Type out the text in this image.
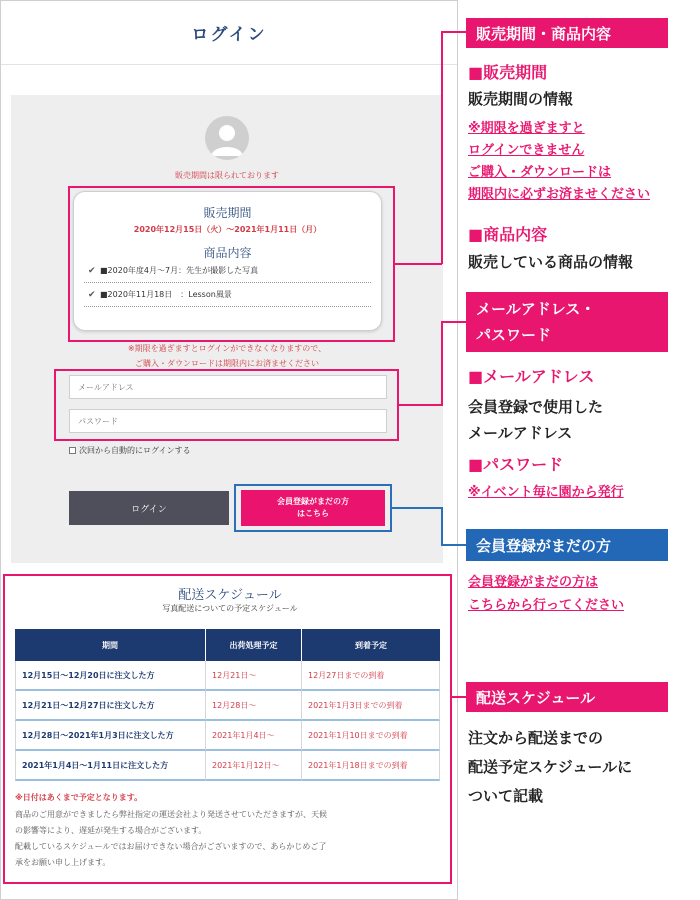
ログイン
販売期間は限られております
販売期間
2020年12月15日（火）〜2021年1月11日（月）
商品内容
✔ ■2020年度4月〜7月：先生が撮影した写真
✔ ■2020年11月18日　：Lesson風景
※期限を過ぎますとログインができなくなりますので、
ご購入・ダウンロードは期限内にお済ませください
メールアドレス
次回から自動的にログインする
ログイン
会員登録がまだの方
はこちら
配送スケジュール
写真配送についての予定スケジュール
期間	出荷処理予定	到着予定
12月15日〜12月20日に注文した方	12月21日〜	12月27日までの到着
12月21日〜12月27日に注文した方	12月28日〜	2021年1月3日までの到着
12月28日〜2021年1月3日に注文した方	2021年1月4日〜	2021年1月10日までの到着
2021年1月4日〜1月11日に注文した方	2021年1月12日〜	2021年1月18日までの到着
※日付はあくまで予定となります。
商品のご用意ができましたら弊社指定の運送会社より発送させていただきますが、天候
の影響等により、遅延が発生する場合がございます。
配載しているスケジュールではお届けできない場合がございますので、あらかじめご了
承をお願い申し上げます。
販売期間・商品内容
■販売期間
販売期間の情報
※期限を過ぎますと
ログインできません
ご購入・ダウンロードは
期限内に必ずお済ませください
■商品内容
販売している商品の情報
メールアドレス・
パスワード
■メールアドレス
会員登録で使用した
メールアドレス
■パスワード
※イベント毎に園から発行
会員登録がまだの方
会員登録がまだの方は
こちらから行ってください
配送スケジュール
注文から配送までの
配送予定スケジュールに
ついて記載
